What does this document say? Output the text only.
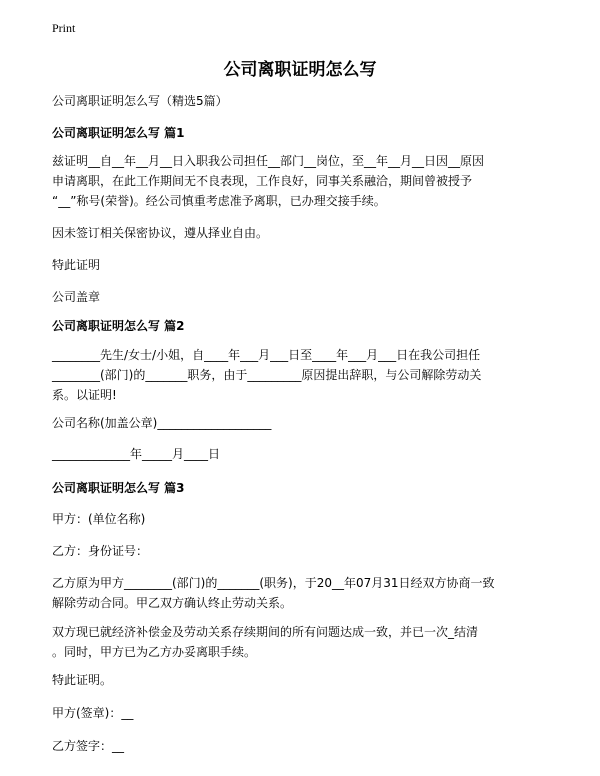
Print
公司离职证明怎么写
公司离职证明怎么写（精选5篇）
公司离职证明怎么写 篇1
兹证明__自__年__月__日入职我公司担任__部门__岗位，至__年__月__日因__原因
申请离职，在此工作期间无不良表现，工作良好，同事关系融洽，期间曾被授予
“__”称号(荣誉)。经公司慎重考虑准予离职，已办理交接手续。
因未签订相关保密协议，遵从择业自由。
特此证明
公司盖章
公司离职证明怎么写 篇2
________先生/女士/小姐，自____年___月___日至____年___月___日在我公司担任
________(部门)的_______职务，由于_________原因提出辞职，与公司解除劳动关
系。以证明!
公司名称(加盖公章)___________________
_____________年_____月____日
公司离职证明怎么写 篇3
甲方：(单位名称)
乙方：身份证号：
乙方原为甲方________(部门)的_______(职务)，于20__年07月31日经双方协商一致
解除劳动合同。甲乙双方确认终止劳动关系。
双方现已就经济补偿金及劳动关系存续期间的所有问题达成一致，并已一次_结清
。同时，甲方已为乙方办妥离职手续。
特此证明。
甲方(签章)：__
乙方签字：__
